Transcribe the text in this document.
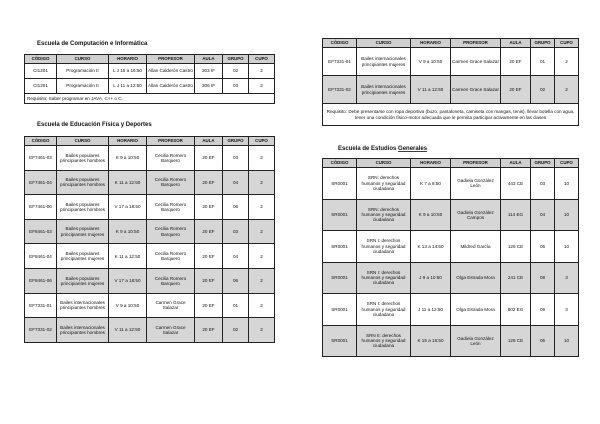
Escuela de Computación e Informática
CÓDIGO	CURSO	HORARIO	PROFESOR	AULA	GRUPO	CUPO
CI1201	Programación II	L J 15 a 16:50	Allan Calderón Castro	303 IF	02	2
CI1201	Programación II	L J 11 a 12:50	Allan Calderón Castro	306 IF	03	2
Requisito: Saber programar en JAVA, C++ o C.						
Escuela de Educación Física y Deportes
CÓDIGO	CURSO	HORARIO	PROFESOR	AULA	GRUPO	CUPO
EF7461-03	Bailes populares principiantes hombres	K 9 a 10:50	Cecilia Romero Barquero	20 EF	03	2
EF7461-04	Bailes populares principiantes hombres	K 11 a 12:50	Cecilia Romero Barquero	20 EF	04	2
EF7461-06	Bailes populares principiantes hombres	V 17 a 18:50	Cecilia Romero Barquero	20 EF	06	2
EF8461-03	Bailes populares principiantes mujeres	K 9 a 10:50	Cecilia Romero Barquero	20 EF	03	2
EF8461-04	Bailes populares principiantes mujeres	K 11 a 12:50	Cecilia Romero Barquero	20 EF	04	2
EF8461-06	Bailes populares principiantes mujeres	V 17 a 18:50	Cecilia Romero Barquero	20 EF	06	2
EF7331-01	Bailes internacionales principiantes hombres	V 9 a 10:50	Carmen Grace Salazar	20 EF	01	2
EF7331-02	Bailes internacionales principiantes hombres	V 11 a 12:50	Carmen Grace Salazar	20 EF	02	2
CÓDIGO	CURSO	HORARIO	PROFESOR	AULA	GRUPO	CUPO
EF7331-01	Bailes internacionales principiantes mujeres	V 9 a 10:50	Carmen Grace Salazar	20 EF	01	2
EF7331-02	Bailes internacionales principiantes mujeres	V 11 a 12:50	Carmen Grace Salazar	20 EF	02	2
Requisito: Debe presentarse con ropa deportiva (buzo, pantaloneta, camiseta con mangas, tenis), llevar botella con agua, tener una condición físico-motor adecuada que le permita participar activamente en las clases						
Escuela de Estudios Generales
CÓDIGO	CURSO	HORARIO	PROFESOR	AULA	GRUPO	CUPO
SR0001	SRN: derechos humanos y seguridad ciudadana	K 7 a 8:50	Gadiela González León	443 CE	03	10
SR0001	SRN: derechos humanos y seguridad ciudadana	K 9 a 10:50	Gadiela González Campos	114 EG	04	10
SR0001	SRN I: derechos humanos y seguridad ciudadana	K 13 a 14:50	Mildred García	126 CE	05	10
SR0001	SRN I: derechos humanos y seguridad ciudadana	J 9 a 10:50	Olga Estrada Mora	241 CE	08	3
SR0001	SRN I: derechos humanos y seguridad ciudadana	J 11 a 12:50	Olga Estrada Mora	802 EG	09	3
SR0001	SRN II: derechos humanos y seguridad ciudadana	K 15 a 16:50	Gadiela González León	126 CE	05	10
